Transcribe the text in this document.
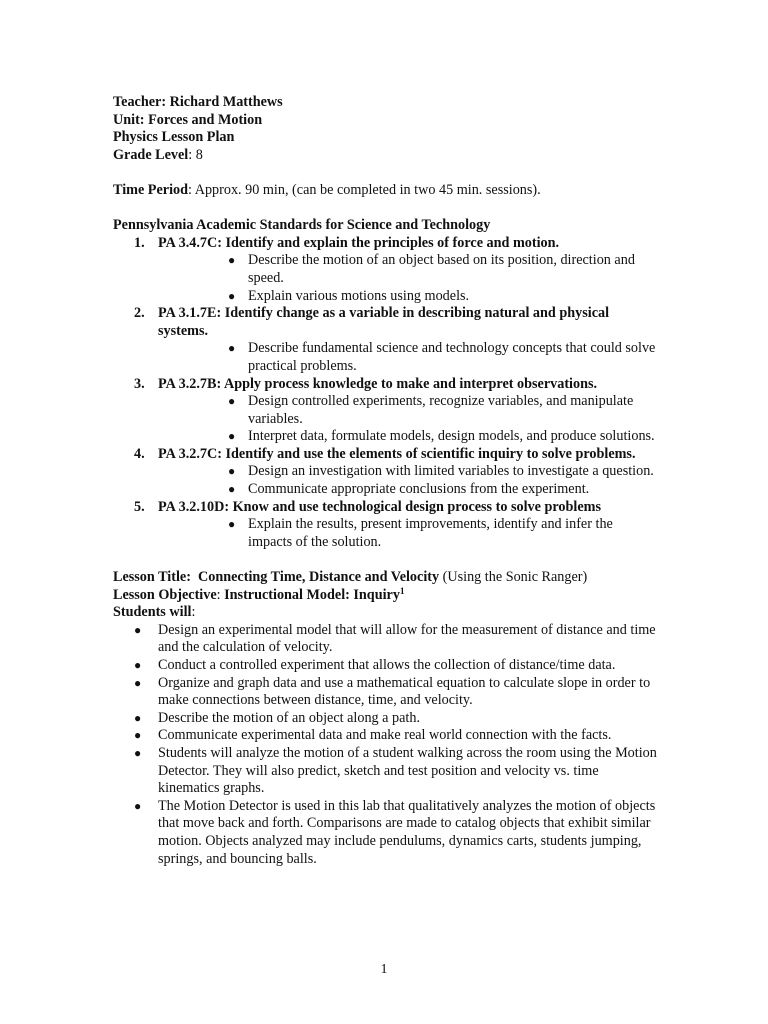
Teacher: Richard Matthews
Unit: Forces and Motion
Physics Lesson Plan
Grade Level: 8
Time Period: Approx. 90 min, (can be completed in two 45 min. sessions).
Pennsylvania Academic Standards for Science and Technology
1. PA 3.4.7C: Identify and explain the principles of force and motion.
● Describe the motion of an object based on its position, direction and speed.
● Explain various motions using models.
2. PA 3.1.7E: Identify change as a variable in describing natural and physical systems.
● Describe fundamental science and technology concepts that could solve practical problems.
3. PA 3.2.7B: Apply process knowledge to make and interpret observations.
● Design controlled experiments, recognize variables, and manipulate variables.
● Interpret data, formulate models, design models, and produce solutions.
4. PA 3.2.7C: Identify and use the elements of scientific inquiry to solve problems.
● Design an investigation with limited variables to investigate a question.
● Communicate appropriate conclusions from the experiment.
5. PA 3.2.10D: Know and use technological design process to solve problems
● Explain the results, present improvements, identify and infer the impacts of the solution.
Lesson Title: Connecting Time, Distance and Velocity (Using the Sonic Ranger)
Lesson Objective: Instructional Model: Inquiry$^1$
Students will:
● Design an experimental model that will allow for the measurement of distance and time and the calculation of velocity.
● Conduct a controlled experiment that allows the collection of distance/time data.
● Organize and graph data and use a mathematical equation to calculate slope in order to make connections between distance, time, and velocity.
● Describe the motion of an object along a path.
● Communicate experimental data and make real world connection with the facts.
● Students will analyze the motion of a student walking across the room using the Motion Detector. They will also predict, sketch and test position and velocity vs. time kinematics graphs.
● The Motion Detector is used in this lab that qualitatively analyzes the motion of objects that move back and forth. Comparisons are made to catalog objects that exhibit similar motion. Objects analyzed may include pendulums, dynamics carts, students jumping, springs, and bouncing balls.
1
